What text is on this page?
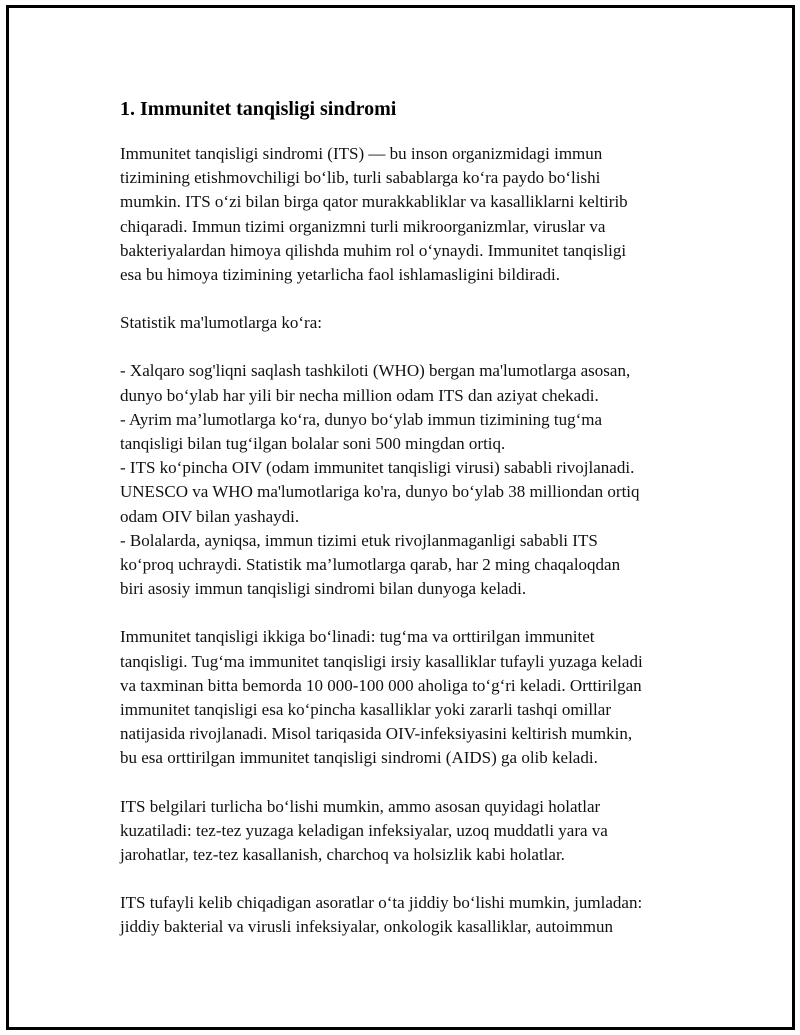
1. Immunitet tanqisligi sindromi

Immunitet tanqisligi sindromi (ITS) — bu inson organizmidagi immun
tizimining etishmovchiligi bo‘lib, turli sabablarga ko‘ra paydo bo‘lishi
mumkin. ITS o‘zi bilan birga qator murakkabliklar va kasalliklarni keltirib
chiqaradi. Immun tizimi organizmni turli mikroorganizmlar, viruslar va
bakteriyalardan himoya qilishda muhim rol o‘ynaydi. Immunitet tanqisligi
esa bu himoya tizimining yetarlicha faol ishlamasligini bildiradi.

Statistik ma'lumotlarga ko‘ra:

- Xalqaro sog'liqni saqlash tashkiloti (WHO) bergan ma'lumotlarga asosan,
dunyo bo‘ylab har yili bir necha million odam ITS dan aziyat chekadi.
- Ayrim ma’lumotlarga ko‘ra, dunyo bo‘ylab immun tizimining tug‘ma
tanqisligi bilan tug‘ilgan bolalar soni 500 mingdan ortiq.
- ITS ko‘pincha OIV (odam immunitet tanqisligi virusi) sababli rivojlanadi.
UNESCO va WHO ma'lumotlariga ko'ra, dunyo bo‘ylab 38 milliondan ortiq
odam OIV bilan yashaydi.
- Bolalarda, ayniqsa, immun tizimi etuk rivojlanmaganligi sababli ITS
ko‘proq uchraydi. Statistik ma’lumotlarga qarab, har 2 ming chaqaloqdan
biri asosiy immun tanqisligi sindromi bilan dunyoga keladi.

Immunitet tanqisligi ikkiga bo‘linadi: tug‘ma va orttirilgan immunitet
tanqisligi. Tug‘ma immunitet tanqisligi irsiy kasalliklar tufayli yuzaga keladi
va taxminan bitta bemorda 10 000-100 000 aholiga to‘g‘ri keladi. Orttirilgan
immunitet tanqisligi esa ko‘pincha kasalliklar yoki zararli tashqi omillar
natijasida rivojlanadi. Misol tariqasida OIV-infeksiyasini keltirish mumkin,
bu esa orttirilgan immunitet tanqisligi sindromi (AIDS) ga olib keladi.

ITS belgilari turlicha bo‘lishi mumkin, ammo asosan quyidagi holatlar
kuzatiladi: tez-tez yuzaga keladigan infeksiyalar, uzoq muddatli yara va
jarohatlar, tez-tez kasallanish, charchoq va holsizlik kabi holatlar.

ITS tufayli kelib chiqadigan asoratlar o‘ta jiddiy bo‘lishi mumkin, jumladan:
jiddiy bakterial va virusli infeksiyalar, onkologik kasalliklar, autoimmun
